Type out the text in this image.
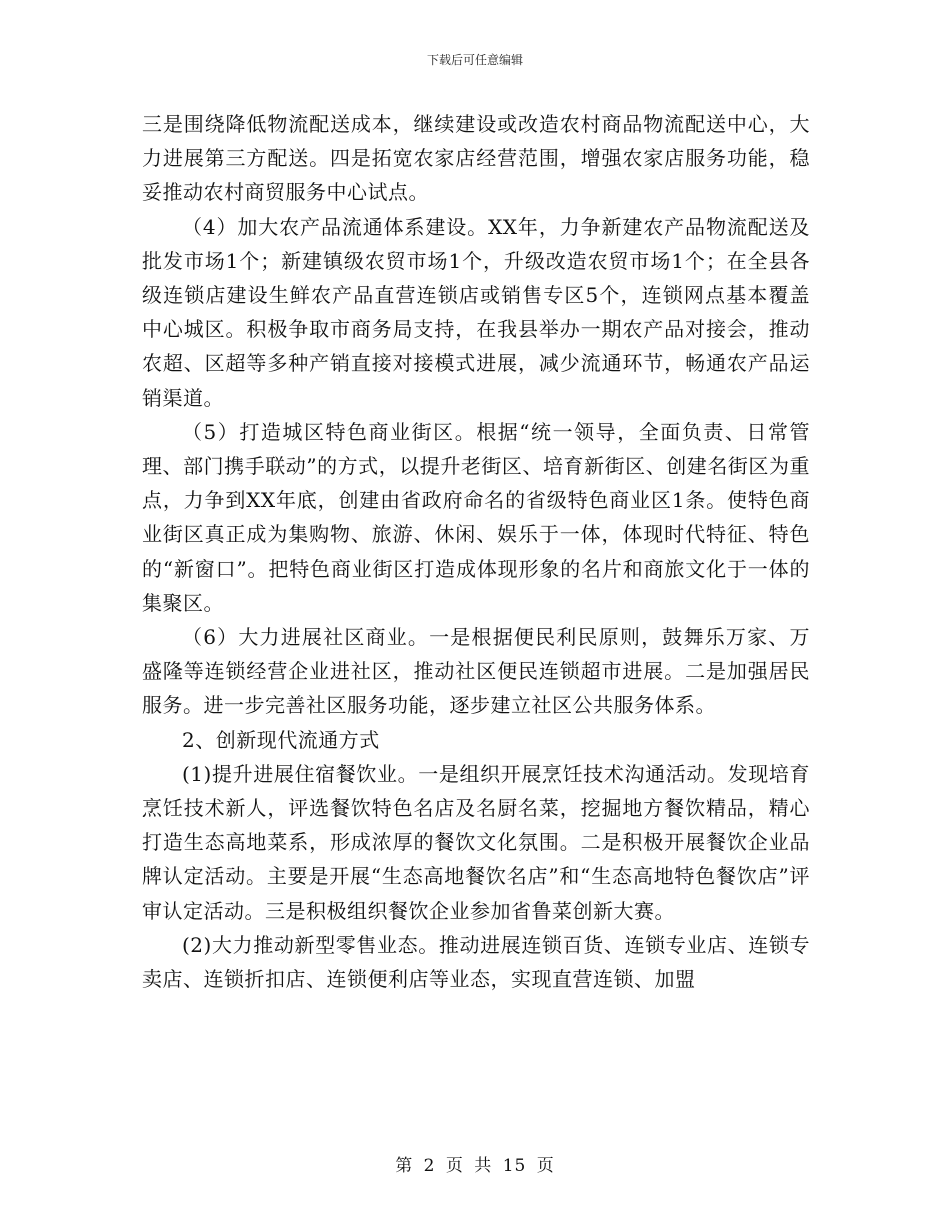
下载后可任意编辑

三是围绕降低物流配送成本，继续建设或改造农村商品物流配送中心，大力进展第三方配送。四是拓宽农家店经营范围，增强农家店服务功能，稳妥推动农村商贸服务中心试点。

（4）加大农产品流通体系建设。XX年，力争新建农产品物流配送及批发市场1个；新建镇级农贸市场1个，升级改造农贸市场1个；在全县各级连锁店建设生鲜农产品直营连锁店或销售专区5个，连锁网点基本覆盖中心城区。积极争取市商务局支持，在我县举办一期农产品对接会，推动农超、区超等多种产销直接对接模式进展，减少流通环节，畅通农产品运销渠道。

（5）打造城区特色商业街区。根据“统一领导，全面负责、日常管理、部门携手联动”的方式，以提升老街区、培育新街区、创建名街区为重点，力争到XX年底，创建由省政府命名的省级特色商业区1条。使特色商业街区真正成为集购物、旅游、休闲、娱乐于一体，体现时代特征、特色的“新窗口”。把特色商业街区打造成体现形象的名片和商旅文化于一体的集聚区。

（6）大力进展社区商业。一是根据便民利民原则，鼓舞乐万家、万盛隆等连锁经营企业进社区，推动社区便民连锁超市进展。二是加强居民服务。进一步完善社区服务功能，逐步建立社区公共服务体系。

2、创新现代流通方式

(1)提升进展住宿餐饮业。一是组织开展烹饪技术沟通活动。发现培育烹饪技术新人，评选餐饮特色名店及名厨名菜，挖掘地方餐饮精品，精心打造生态高地菜系，形成浓厚的餐饮文化氛围。二是积极开展餐饮企业品牌认定活动。主要是开展“生态高地餐饮名店”和“生态高地特色餐饮店”评审认定活动。三是积极组织餐饮企业参加省鲁菜创新大赛。

(2)大力推动新型零售业态。推动进展连锁百货、连锁专业店、连锁专卖店、连锁折扣店、连锁便利店等业态，实现直营连锁、加盟

第 2 页 共 15 页
